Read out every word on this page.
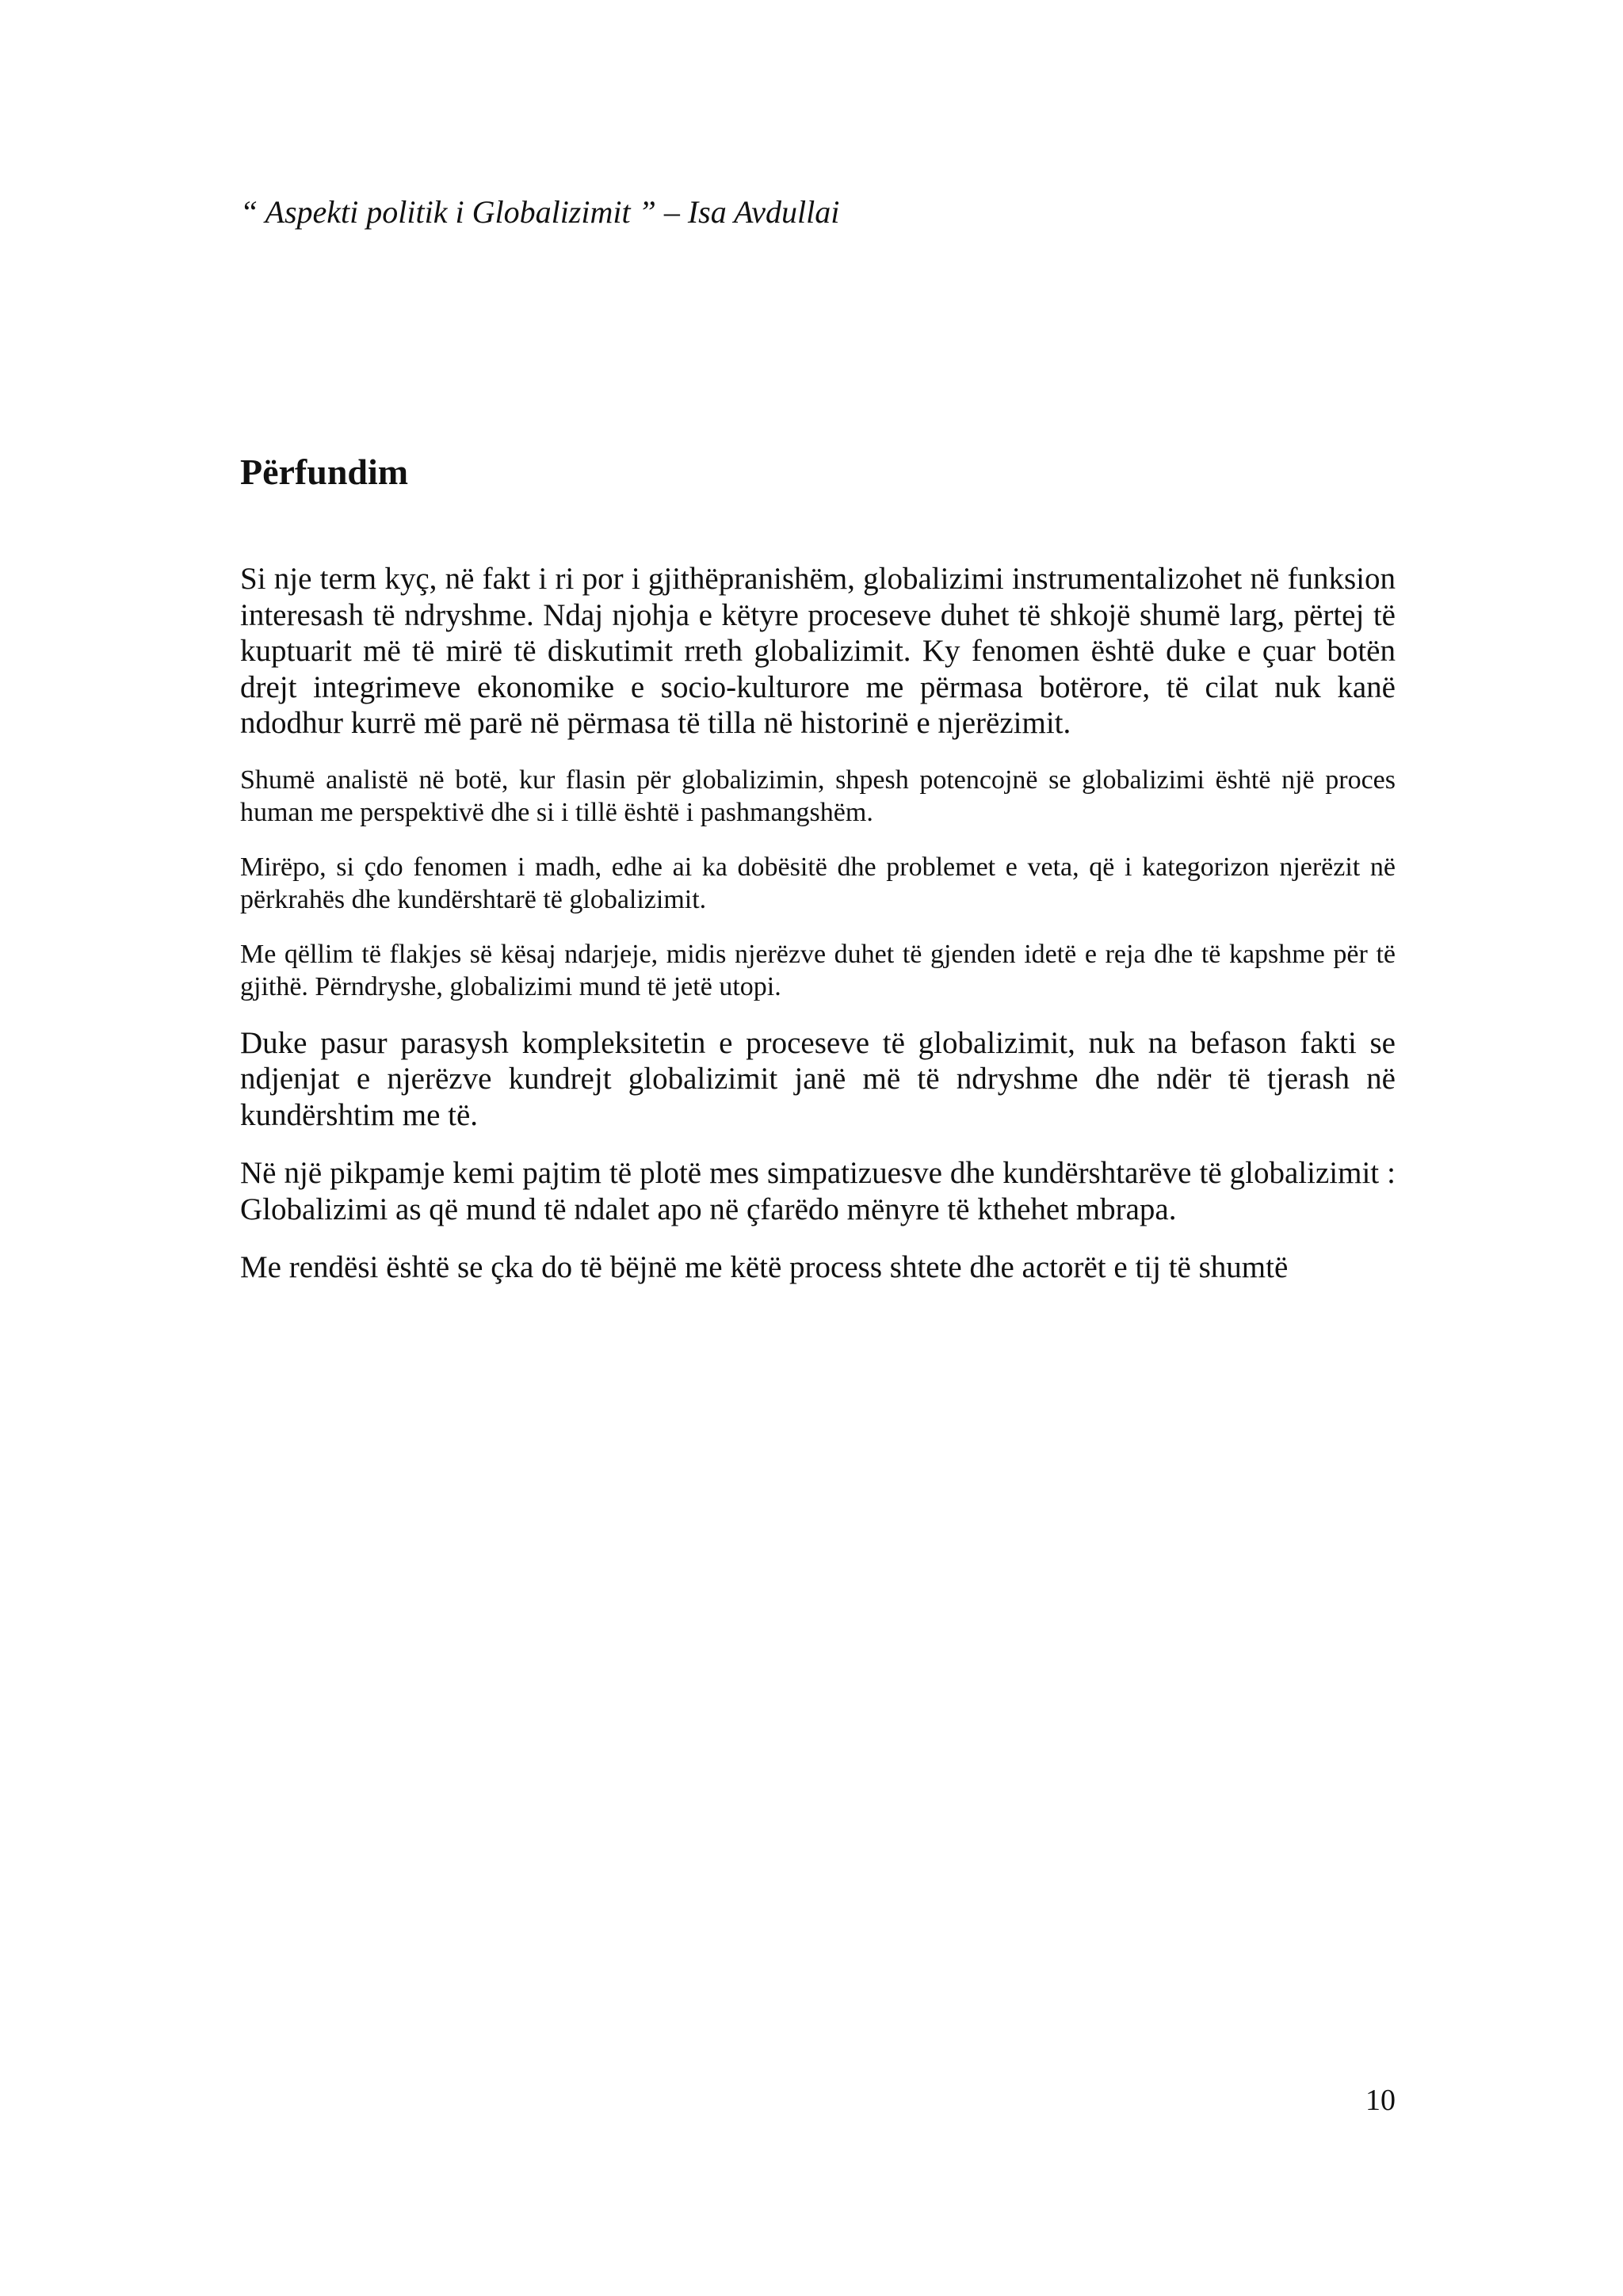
“ Aspekti politik i Globalizimit ” – Isa Avdullai

Përfundim

Si nje term kyç, në fakt i ri por i gjithëpranishëm, globalizimi instrumentalizohet në funksion interesash të ndryshme. Ndaj njohja e këtyre proceseve duhet të shkojë shumë larg, përtej të kuptuarit më të mirë të diskutimit rreth globalizimit. Ky fenomen është duke e çuar botën drejt integrimeve ekonomike e socio-kulturore me përmasa botërore, të cilat nuk kanë ndodhur kurrë më parë në përmasa të tilla në historinë e njerëzimit.

Shumë analistë në botë, kur flasin për globalizimin, shpesh potencojnë se globalizimi është një proces human me perspektivë dhe si i tillë është i pashmangshëm.

Mirëpo, si çdo fenomen i madh, edhe ai ka dobësitë dhe problemet e veta, që i kategorizon njerëzit në përkrahës dhe kundërshtarë të globalizimit.

Me qëllim të flakjes së kësaj ndarjeje, midis njerëzve duhet të gjenden idetë e reja dhe të kapshme për të gjithë. Përndryshe, globalizimi mund të jetë utopi.

Duke pasur parasysh kompleksitetin e proceseve të globalizimit, nuk na befason fakti se ndjenjat e njerëzve kundrejt globalizimit janë më të ndryshme dhe ndër të tjerash në kundërshtim me të.

Në një pikpamje kemi pajtim të plotë mes simpatizuesve dhe kundërshtarëve të globalizimit : Globalizimi as që mund të ndalet apo në çfarëdo mënyre të kthehet mbrapa.

Me rendësi është se çka do të bëjnë me këtë process shtete dhe actorët e tij të shumtë

10
